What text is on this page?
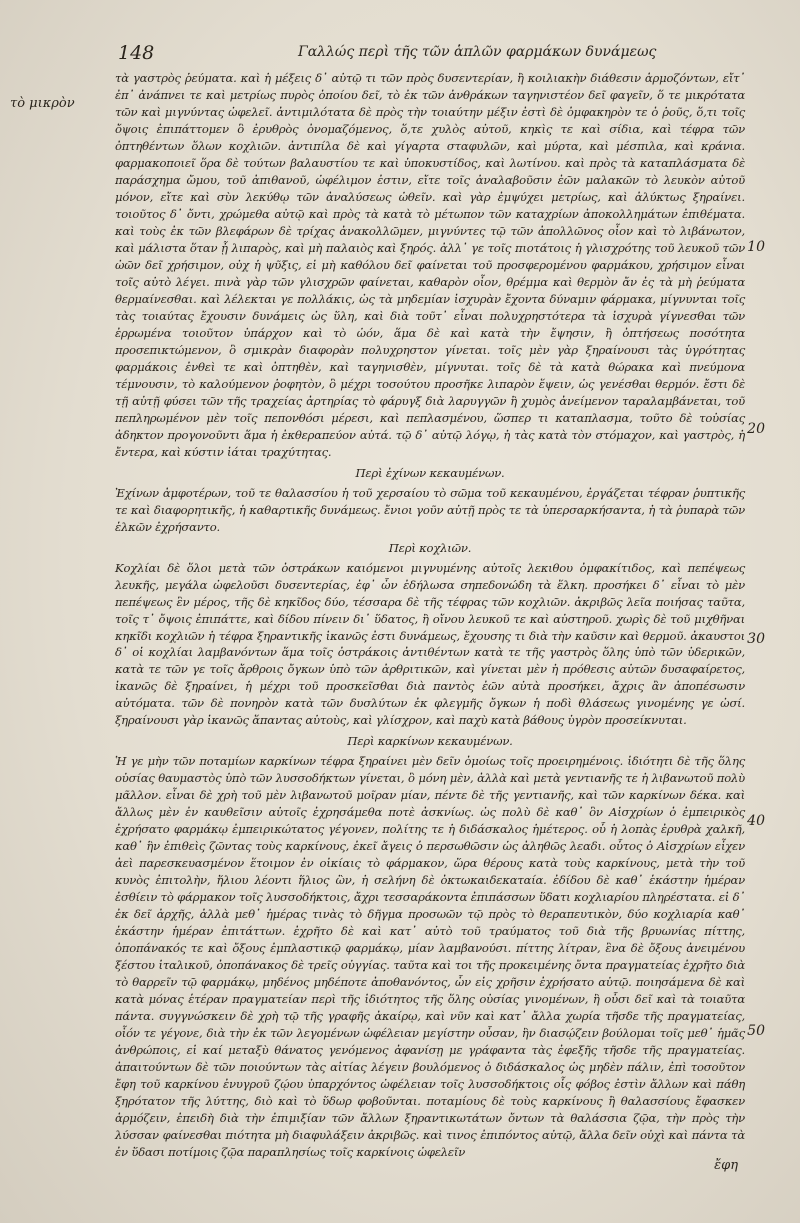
148	Γαλλώς περὶ τῆς τῶν ἁπλῶν φαρμάκων δυνάμεως
τὸ μικρὸν
10
20
30
40
50

τὰ γαστρὸς ῥεύματα. καὶ ἡ μέξεις δ᾽ αὐτῷ τι τῶν πρὸς δυσεντερίαν, ἢ κοιλιακὴν διάθεσιν ἁρμοζόντων, εἴτ᾽ ἐπ᾽ ἀνάπνει τε καὶ μετρίως πυρὸς ὁποίου δεῖ, τὸ ἐκ τῶν ἀνθράκων ταγηνιστέον δεῖ φαγεῖν, ὅ τε μικρότατα τῶν καὶ μιγνύντας ὠφελεῖ. ἀντιμιλότατα δὲ πρὸς τὴν τοιαύτην μέξιν ἐστὶ δὲ ὀμφακηρὸν τε ὁ ῥοῦς, ὅ,τι τοῖς ὄψοις ἐπιπάττομεν ὃ ἐρυθρὸς ὀνομαζόμενος, ὅ,τε χυλὸς αὐτοῦ, κηκὶς τε καὶ σίδια, καὶ τέφρα τῶν ὀπτηθέντων ὅλων κοχλιῶν. ἀντιπίλα δὲ καὶ γίγαρτα σταφυλῶν, καὶ μύρτα, καὶ μέσπιλα, καὶ κράνια. φαρμακοποιεῖ ὅρα δὲ τούτων βαλαυστίου τε καὶ ὑποκυστίδος, καὶ λωτίνου. καὶ πρὸς τὰ καταπλάσματα δὲ παράσχημα ὤμου, τοῦ ἀπιθανοῦ, ὠφέλιμον ἐστιν, εἴτε τοῖς ἀναλαβοῦσιν ἐῶν μαλακῶν τὸ λευκὸν αὐτοῦ μόνον, εἴτε καὶ σὺν λεκύθῳ τῶν ἀναλύσεως ὠθεῖν. καὶ γὰρ ἐμψύχει μετρίως, καὶ ἀλύκτως ξηραίνει. τοιοῦτος δ᾽ ὄντι, χρώμεθα αὐτῷ καὶ πρὸς τὰ κατὰ τὸ μέτωπον τῶν καταχρίων ἀποκολλημάτων ἐπιθέματα. καὶ τοὺς ἐκ τῶν βλεφάρων δὲ τρίχας ἀνακολλῶμεν, μιγνύντες τῷ τῶν ἀπολλῶνος οἶον καὶ τὸ λιβάνωτον, καὶ μάλιστα ὅταν ᾖ λιπαρὸς, καὶ μὴ παλαιὸς καὶ ξηρός. ἀλλ᾽ γε τοῖς πιοτάτοις ἡ γλισχρότης τοῦ λευκοῦ τῶν ὠῶν δεῖ χρήσιμον, οὐχ ἡ ψῦξις, εἰ μὴ καθόλου δεῖ φαίνεται τοῦ προσφερομένου φαρμάκου, χρήσιμον εἶναι τοῖς αὐτὸ λέγει. πινὰ γὰρ τῶν γλισχρῶν φαίνεται, καθαρὸν οἷον, θρέμμα καὶ θερμὸν ἄν ἐς τὰ μὴ ῥεύματα θερμαίνεσθαι. καὶ λέλεκται γε πολλάκις, ὡς τὰ μηδεμίαν ἰσχυρὰν ἔχοντα δύναμιν φάρμακα, μίγνυνται τοῖς τὰς τοιαύτας ἔχουσιν δυνάμεις ὡς ὕλη, καὶ διὰ τοῦτ᾽ εἶναι πολυχρηστότερα τὰ ἰσχυρὰ γίγνεσθαι τῶν ἐρρωμένα τοιοῦτον ὑπάρχον καὶ τὸ ὠόν, ἅμα δὲ καὶ κατὰ τὴν ἔψησιν, ἢ ὀπτήσεως ποσότητα προσεπικτώμενον, ὃ σμικρὰν διαφορὰν πολυχρηστον γίνεται. τοῖς μὲν γὰρ ξηραίνουσι τὰς ὑγρότητας φαρμάκοις ἐνθεὶ τε καὶ ὀπτηθὲν, καὶ ταγηνισθὲν, μίγνυται. τοῖς δὲ τὰ κατὰ θώρακα καὶ πνεύμονα τέμνουσιν, τὸ καλούμενον ῥοφητὸν, ὃ μέχρι τοσούτου προσῆκε λιπαρὸν ἕψειν, ὡς γενέσθαι θερμόν. ἔστι δὲ τῇ αὐτῇ φύσει τῶν τῆς τραχείας ἀρτηρίας τὸ φάρυγξ διὰ λαρυγγῶν ἢ χυμὸς ἀνείμενον ταραλαμβάνεται, τοῦ πεπληρωμένον μὲν τοῖς πεπονθόσι μέρεσι, καὶ πεπλασμένου, ὥσπερ τι καταπλασμα, τοῦτο δὲ τοὐσίας ἀδηκτον προγονοῦντι ἅμα ἡ ἐκθεραπεύον αὐτά. τῷ δ᾽ αὐτῷ λόγῳ, ἡ τὰς κατὰ τὸν στόμαχον, καὶ γαστρὸς, ἡ ἔντερα, καὶ κύστιν ἰάται τραχύτητας.

Περὶ ἐχίνων κεκαυμένων.

Ἐχίνων ἀμφοτέρων, τοῦ τε θαλασσίου ἡ τοῦ χερσαίου τὸ σῶμα τοῦ κεκαυμένου, ἐργάζεται τέφραν ῥυπτικῆς τε καὶ διαφορητικῆς, ἡ καθαρτικῆς δυνάμεως. ἔνιοι γοῦν αὐτῇ πρὸς τε τὰ ὑπερσαρκήσαντα, ἡ τὰ ῥυπαρὰ τῶν ἑλκῶν ἐχρήσαντο.

Περὶ κοχλιῶν.

Κοχλίαι δὲ ὅλοι μετὰ τῶν ὀστράκων καιόμενοι μιγνυμένης αὐτοῖς λεκιθου ὀμφακίτιδος, καὶ πεπέψεως λευκῆς, μεγάλα ὠφελοῦσι δυσεντερίας, ἐφ᾽ ὧν ἐδήλωσα σηπεδονώδη τὰ ἕλκη. προσήκει δ᾽ εἶναι τὸ μὲν πεπέψεως ἓν μέρος, τῆς δὲ κηκῖδος δύο, τέσσαρα δὲ τῆς τέφρας τῶν κοχλιῶν. ἀκριβῶς λεῖα ποιήσας ταῦτα, τοῖς τ᾽ ὄψοις ἐπιπάττε, καὶ δίδου πίνειν δι᾽ ὕδατος, ἢ οἴνου λευκοῦ τε καὶ αὐστηροῦ. χωρὶς δὲ τοῦ μιχθῆναι κηκῖδι κοχλιῶν ἡ τέφρα ξηραντικῆς ἱκανῶς ἐστι δυνάμεως, ἔχουσης τι διὰ τὴν καῦσιν καὶ θερμοῦ. ἀκαυστοι δ᾽ οἱ κοχλίαι λαμβανόντων ἅμα τοῖς ὀστράκοις ἀντιθέντων κατὰ τε τῆς γαστρὸς ὅλης ὑπὸ τῶν ὑδερικῶν, κατὰ τε τῶν γε τοῖς ἄρθροις ὄγκων ὑπὸ τῶν ἀρθριτικῶν, καὶ γίνεται μὲν ἡ πρόθεσις αὐτῶν δυσαφαίρετος, ἱκανῶς δὲ ξηραίνει, ἡ μέχρι τοῦ προσκεῖσθαι διὰ παντὸς ἐῶν αὐτὰ προσήκει, ἄχρις ἂν ἀποπέσωσιν αὐτόματα. τῶν δὲ πονηρὸν κατὰ τῶν δυσλύτων ἐκ φλεγμῆς ὄγκων ἡ ποδὶ θλάσεως γινομένης γε ὠσί. ξηραίνουσι γὰρ ἱκανῶς ἅπαντας αὐτοὺς, καὶ γλίσχρον, καὶ παχὺ κατὰ βάθους ὑγρὸν προσείκνυται.

Περὶ καρκίνων κεκαυμένων.

Ἡ γε μὴν τῶν ποταμίων καρκίνων τέφρα ξηραίνει μὲν δεῖν ὁμοίως τοῖς προειρημένοις. ἰδιότητι δὲ τῆς ὅλης οὐσίας θαυμαστὸς ὑπὸ τῶν λυσσοδήκτων γίνεται, ὃ μόνη μὲν, ἀλλὰ καὶ μετὰ γεντιανῆς τε ἡ λιβανωτοῦ πολὺ μᾶλλον. εἶναι δὲ χρὴ τοῦ μὲν λιβανωτοῦ μοῖραν μίαν, πέντε δὲ τῆς γεντιανῆς, καὶ τῶν καρκίνων δέκα. καὶ ἄλλως μὲν ἐν καυθεῖσιν αὐτοῖς ἐχρησάμεθα ποτὲ ἀσκνίως. ὡς πολὺ δὲ καθ᾽ ὃν Αἰσχρίων ὁ ἐμπειρικὸς ἐχρήσατο φαρμάκῳ ἐμπειρικώτατος γέγονεν, πολίτης τε ἡ διδάσκαλος ἡμέτερος. οὗ ἡ λοπὰς ἐρυθρὰ χαλκῆ, καθ᾽ ἣν ἐπιθεὶς ζῶντας τοὺς καρκίνους, ἐκεῖ ἄγεις ὁ περσωθῶσιν ὡς ἀληθῶς λεαδι. οὗτος ὁ Αἰσχρίων εἶχεν ἀεὶ παρεσκευασμένον ἕτοιμον ἐν οἰκίαις τὸ φάρμακον, ὥρα θέρους κατὰ τοὺς καρκίνους, μετὰ τὴν τοῦ κυνὸς ἐπιτολὴν, ἥλιου λέοντι ἥλιος ὢν, ἡ σελήνη δὲ ὀκτωκαιδεκαταία. ἐδίδου δὲ καθ᾽ ἑκάστην ἡμέραν ἐσθίειν τὸ φάρμακον τοῖς λυσσοδήκτοις, ἄχρι τεσσαράκοντα ἐπιπάσσων ὕδατι κοχλιαρίου πληρέστατα. εἰ δ᾽ ἐκ δεῖ ἀρχῆς, ἀλλὰ μεθ᾽ ἡμέρας τινὰς τὸ δῆγμα προσωῶν τῷ πρὸς τὸ θεραπευτικὸν, δύο κοχλιαρία καθ᾽ ἑκάστην ἡμέραν ἐπιτάττων. ἐχρῆτο δὲ καὶ κατ᾽ αὐτὸ τοῦ τραύματος τοῦ διὰ τῆς βρυωνίας πίττης, ὀποπάνακός τε καὶ ὄξους ἐμπλαστικῷ φαρμάκῳ, μίαν λαμβανούσι. πίττης λίτραν, ἓνα δὲ ὄξους ἀνειμένου ξέστου ἰταλικοῦ, ὀποπάνακος δὲ τρεῖς οὐγγίας. ταῦτα καὶ τοι τῆς προκειμένης ὄντα πραγματείας ἐχρῆτο διὰ τὸ θαρρεῖν τῷ φαρμάκῳ, μηδένος μηδέποτε ἀποθανόντος, ὧν εἰς χρῆσιν ἐχρήσατο αὐτῷ. ποιησάμενα δὲ καὶ κατὰ μόνας ἑτέραν πραγματείαν περὶ τῆς ἰδιότητος τῆς ὅλης οὐσίας γινομένων, ἣ οὖσι δεῖ καὶ τὰ τοιαῦτα πάντα. συγγνώσκειν δὲ χρὴ τῷ τῆς γραφῆς ἀκαίρῳ, καὶ νῦν καὶ κατ᾽ ἄλλα χωρία τῆσδε τῆς πραγματείας, οἷόν τε γέγονε, διὰ τὴν ἐκ τῶν λεγομένων ὠφέλειαν μεγίστην οὖσαν, ἣν διασῴζειν βούλομαι τοῖς μεθ᾽ ἡμᾶς ἀνθρώποις, εἰ καί μεταξὺ θάνατος γενόμενος ἀφανίσῃ με γράφαντα τὰς ἐφεξῆς τῆσδε τῆς πραγματείας. ἀπαιτούντων δὲ τῶν ποιούντων τὰς αἰτίας λέγειν βουλόμενος ὁ διδάσκαλος ὡς μηδὲν πάλιν, ἐπὶ τοσοῦτον ἔφη τοῦ καρκίνου ἐνυγροῦ ζῴου ὑπαρχόντος ὠφέλειαν τοῖς λυσσοδήκτοις οἷς φόβος ἐστὶν ἄλλων καὶ πάθη ξηρότατον τῆς λύττης, διὸ καὶ τὸ ὕδωρ φοβοῦνται. ποταμίους δὲ τοὺς καρκίνους ἢ θαλασσίους ἔφασκεν ἁρμόζειν, ἐπειδὴ διὰ τὴν ἐπιμιξίαν τῶν ἄλλων ξηραντικωτάτων ὄντων τὰ θαλάσσια ζῷα, τὴν πρὸς τὴν λύσσαν φαίνεσθαι πιότητα μὴ διαφυλάξειν ἀκριβῶς. καὶ τινος ἐπιπόντος αὐτῷ, ἄλλα δεῖν οὐχὶ καὶ πάντα τὰ ἐν ὕδασι ποτίμοις ζῷα παραπλησίως τοῖς καρκίνοις ὠφελεῖν

ἔφη
